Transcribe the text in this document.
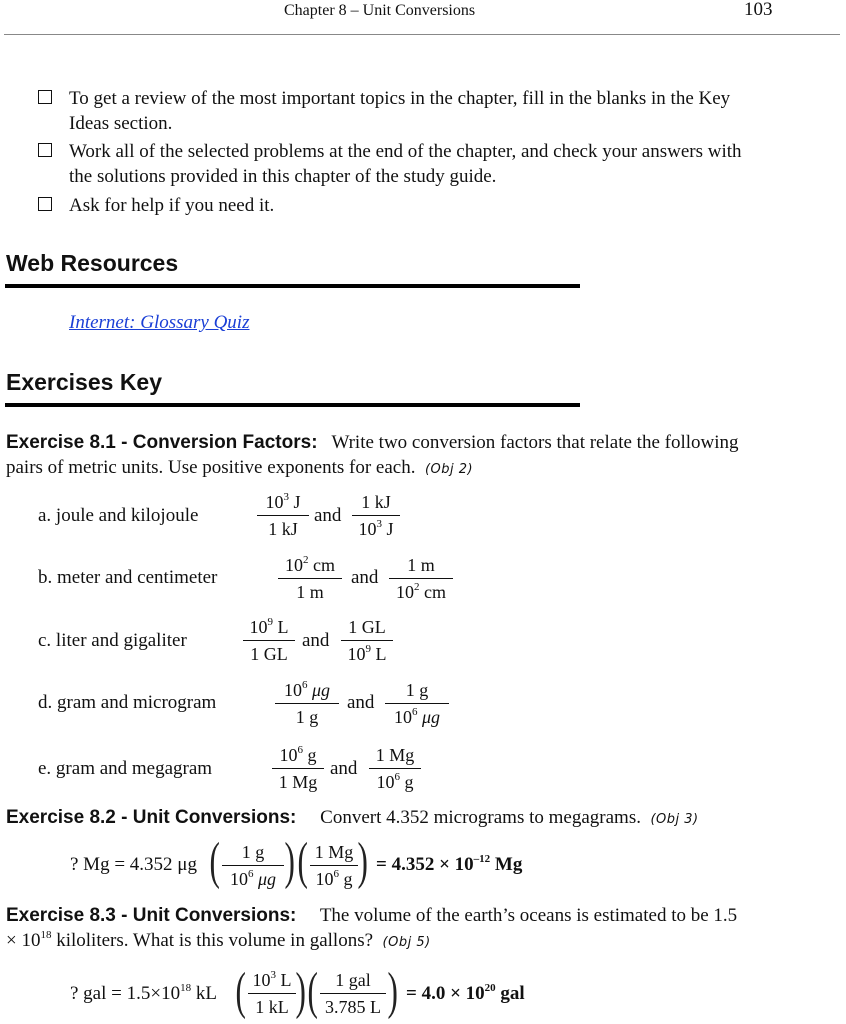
Chapter 8 – Unit Conversions	103
To get a review of the most important topics in the chapter, fill in the blanks in the Key
Ideas section.
Work all of the selected problems at the end of the chapter, and check your answers with
the solutions provided in this chapter of the study guide.
Ask for help if you need it.
Web Resources
Internet: Glossary Quiz
Exercises Key
Exercise 8.1 - Conversion Factors: Write two conversion factors that relate the following
pairs of metric units. Use positive exponents for each. (Obj 2)
a. joule and kilojoule
$10^3$ J
1 kJ
and
1 kJ
$10^3$ J
b. meter and centimeter
$10^2$ cm
1 m
and
1 m
$10^2$ cm
c. liter and gigaliter
$10^9$ L
1 GL
and
1 GL
$10^9$ L
d. gram and microgram
$10^6$ μg
1 g
and
1 g
$10^6$ μg
e. gram and megagram
$10^6$ g
1 Mg
and
1 Mg
$10^6$ g
Exercise 8.2 - Unit Conversions: Convert 4.352 micrograms to megagrams. (Obj 3)
? Mg = 4.352 μg (	1 g
$10^6$ μg ) ( 1 Mg
$10^6$ g ) = $4.352 \times 10^{-12}$ Mg
Exercise 8.3 - Unit Conversions: The volume of the earth’s oceans is estimated to be 1.5
× $10^{18}$ kiloliters. What is this volume in gallons? (Obj 5)
? gal = $1.5\times 10^{18}$ kL ( $10^3$ L
1 kL ) ( 1 gal
3.785 L ) = $4.0 \times 10^{20}$ gal
